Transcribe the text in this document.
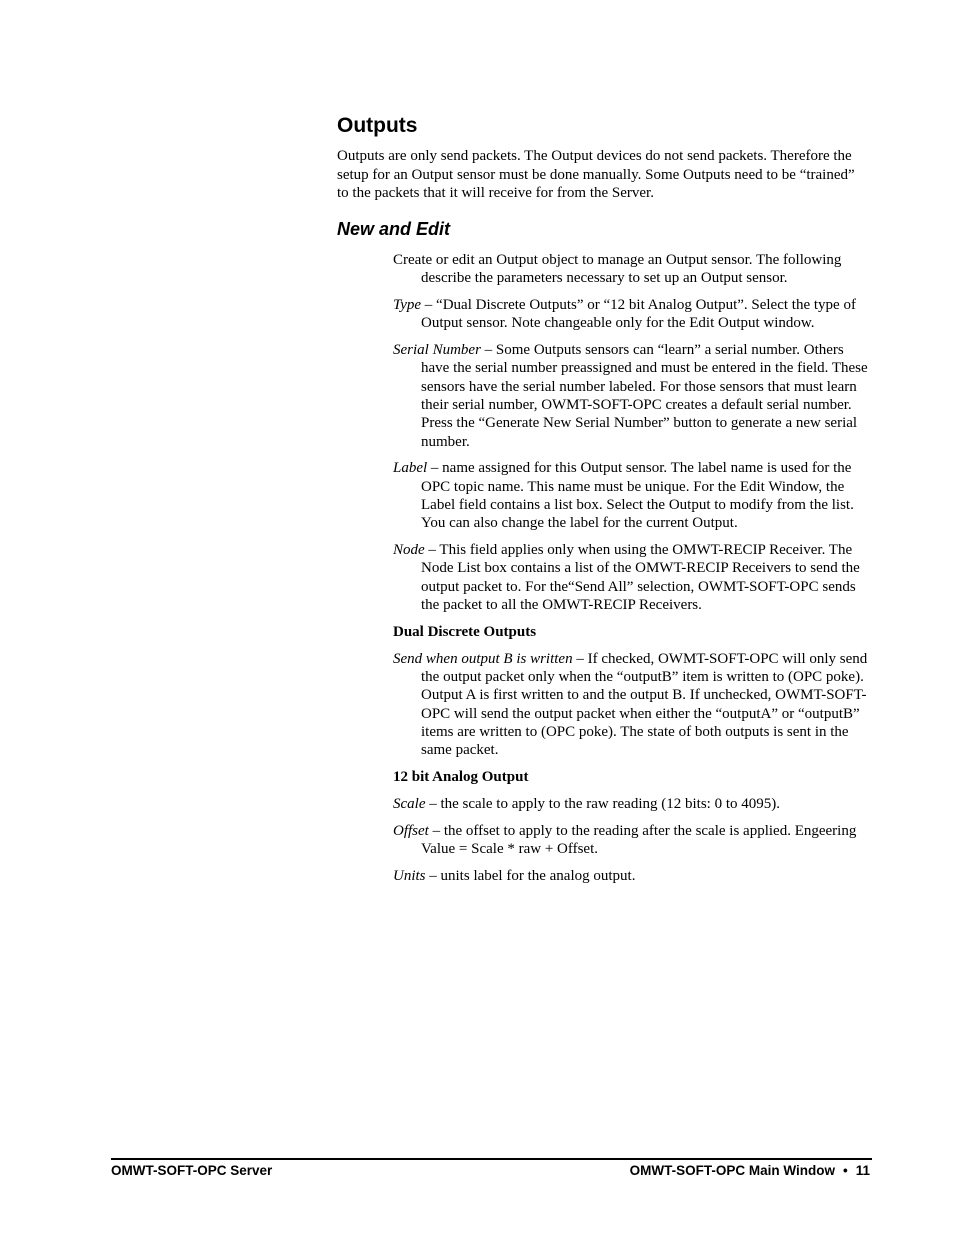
Outputs

Outputs are only send packets. The Output devices do not send packets. Therefore the setup for an Output sensor must be done manually. Some Outputs need to be “trained” to the packets that it will receive for from the Server.

New and Edit

Create or edit an Output object to manage an Output sensor. The following describe the parameters necessary to set up an Output sensor.

Type – “Dual Discrete Outputs” or “12 bit Analog Output”. Select the type of Output sensor. Note changeable only for the Edit Output window.

Serial Number – Some Outputs sensors can “learn” a serial number. Others have the serial number preassigned and must be entered in the field. These sensors have the serial number labeled. For those sensors that must learn their serial number, OWMT-SOFT-OPC creates a default serial number. Press the “Generate New Serial Number” button to generate a new serial number.

Label – name assigned for this Output sensor. The label name is used for the OPC topic name. This name must be unique. For the Edit Window, the Label field contains a list box. Select the Output to modify from the list. You can also change the label for the current Output.

Node – This field applies only when using the OMWT-RECIP Receiver. The Node List box contains a list of the OMWT-RECIP Receivers to send the output packet to. For the“Send All” selection, OWMT-SOFT-OPC sends the packet to all the OMWT-RECIP Receivers.

Dual Discrete Outputs

Send when output B is written – If checked, OWMT-SOFT-OPC will only send the output packet only when the “outputB” item is written to (OPC poke). Output A is first written to and the output B. If unchecked, OWMT-SOFT-OPC will send the output packet when either the “outputA” or “outputB” items are written to (OPC poke). The state of both outputs is sent in the same packet.

12 bit Analog Output

Scale – the scale to apply to the raw reading (12 bits: 0 to 4095).

Offset – the offset to apply to the reading after the scale is applied. Engeering Value = Scale * raw + Offset.

Units – units label for the analog output.

OMWT-SOFT-OPC Server	OMWT-SOFT-OPC Main Window • 11
